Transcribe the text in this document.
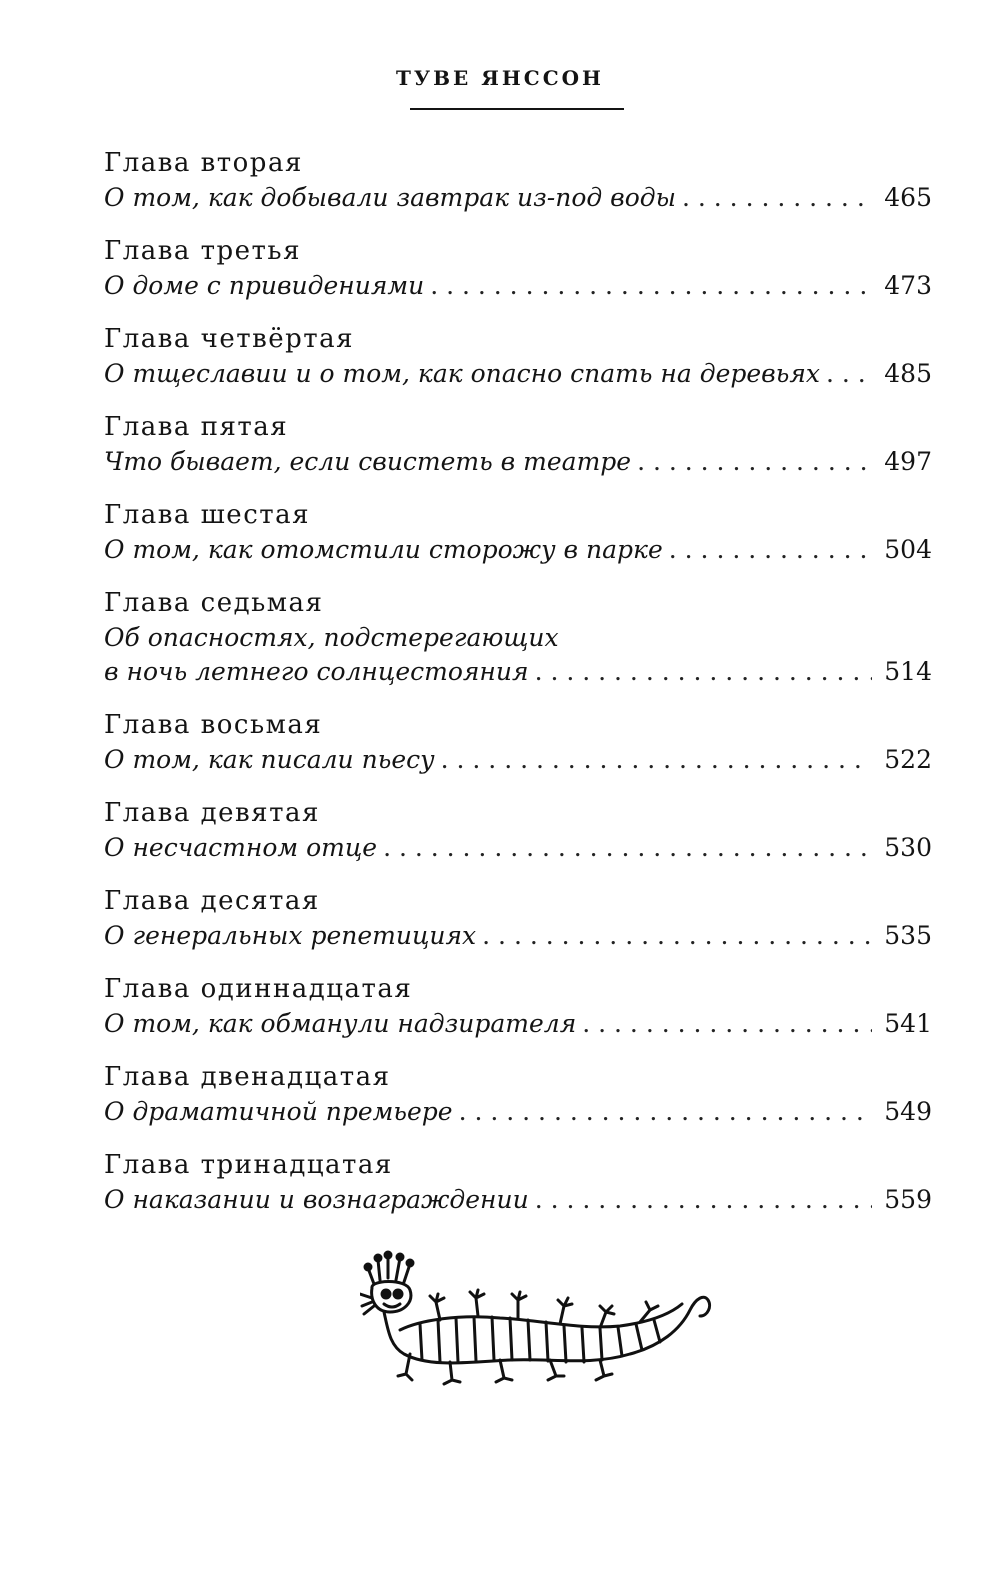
ТУВЕ ЯНССОН
Глава вторая
О том, как добывали завтрак из-под воды . . .	465
Глава третья
О доме с привидениями . . .	473
Глава четвёртая
О тщеславии и о том, как опасно спать на деревьях . . .	485
Глава пятая
Что бывает, если свистеть в театре . . .	497
Глава шестая
О том, как отомстили сторожу в парке . . .	504
Глава седьмая
Об опасностях, подстерегающих
в ночь летнего солнцестояния . . .	514
Глава восьмая
О том, как писали пьесу . . .	522
Глава девятая
О несчастном отце . . .	530
Глава десятая
О генеральных репетициях . . .	535
Глава одиннадцатая
О том, как обманули надзирателя . . .	541
Глава двенадцатая
О драматичной премьере . . .	549
Глава тринадцатая
О наказании и вознаграждении . . .	559
